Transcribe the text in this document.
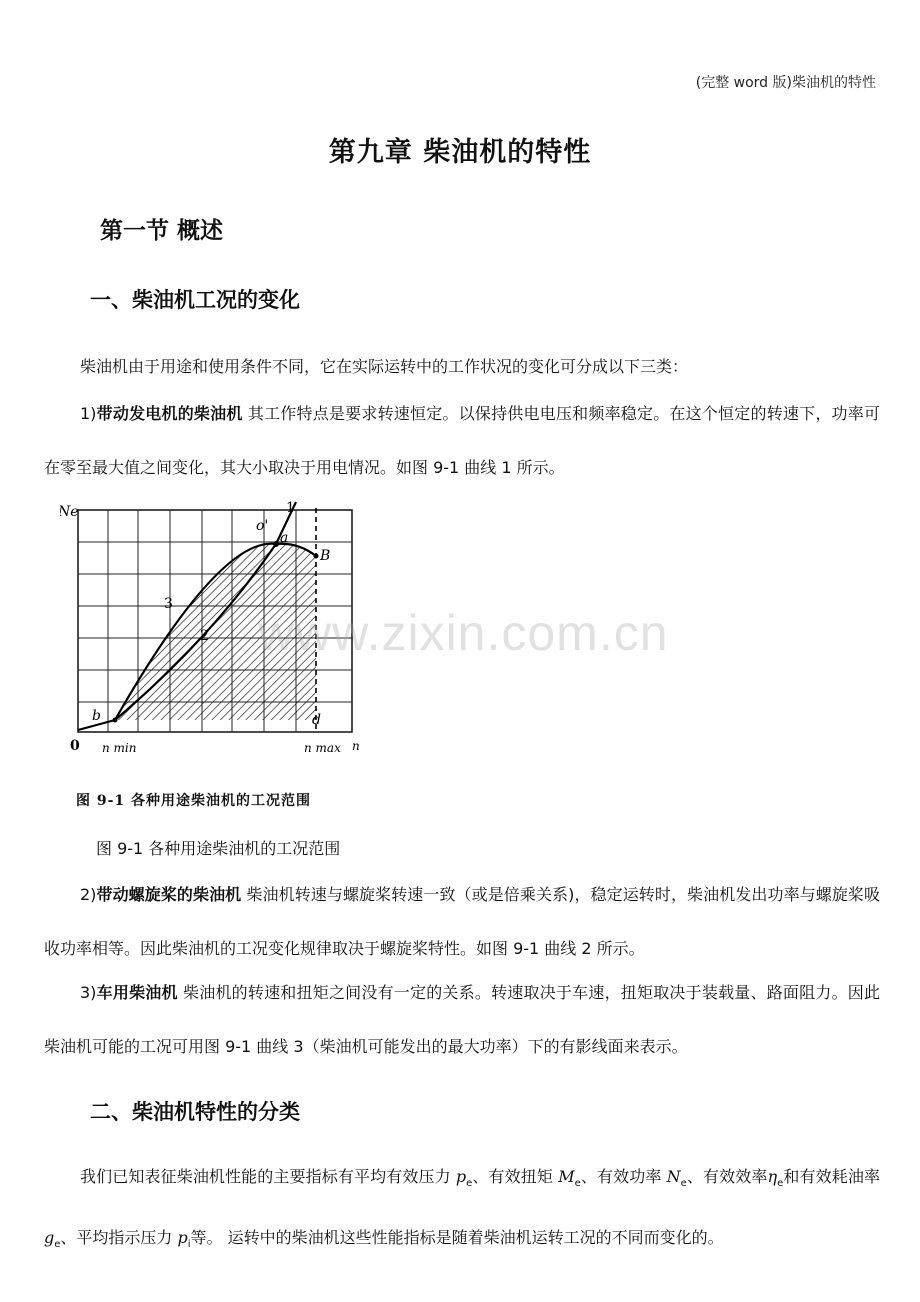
(完整 word 版)柴油机的特性
第九章 柴油机的特性
第一节 概述
一、柴油机工况的变化
柴油机由于用途和使用条件不同，它在实际运转中的工作状况的变化可分成以下三类：
1)带动发电机的柴油机 其工作特点是要求转速恒定。以保持供电电压和频率稳定。在这个恒定的转速下，功率可在零至最大值之间变化，其大小取决于用电情况。如图 9-1 曲线 1 所示。
Ne
a
o'
B
b	d
3
2
1
0 n min	n max n
www.zixin.com.cn
图 9-1 各种用途柴油机的工况范围
图 9-1 各种用途柴油机的工况范围
2)带动螺旋桨的柴油机 柴油机转速与螺旋桨转速一致（或是倍乘关系)，稳定运转时，柴油机发出功率与螺旋桨吸收功率相等。因此柴油机的工况变化规律取决于螺旋桨特性。如图 9-1 曲线 2 所示。
3)车用柴油机 柴油机的转速和扭矩之间没有一定的关系。转速取决于车速，扭矩取决于装载量、路面阻力。因此柴油机可能的工况可用图 9-1 曲线 3（柴油机可能发出的最大功率）下的有影线面来表示。
二、柴油机特性的分类
我们已知表征柴油机性能的主要指标有平均有效压力 $p_e$、有效扭矩 $M_e$、有效功率 $N_e$、有效效率$\eta_e$和有效耗油率 $g_e$、平均指示压力 $p_i$等。 运转中的柴油机这些性能指标是随着柴油机运转工况的不同而变化的。
